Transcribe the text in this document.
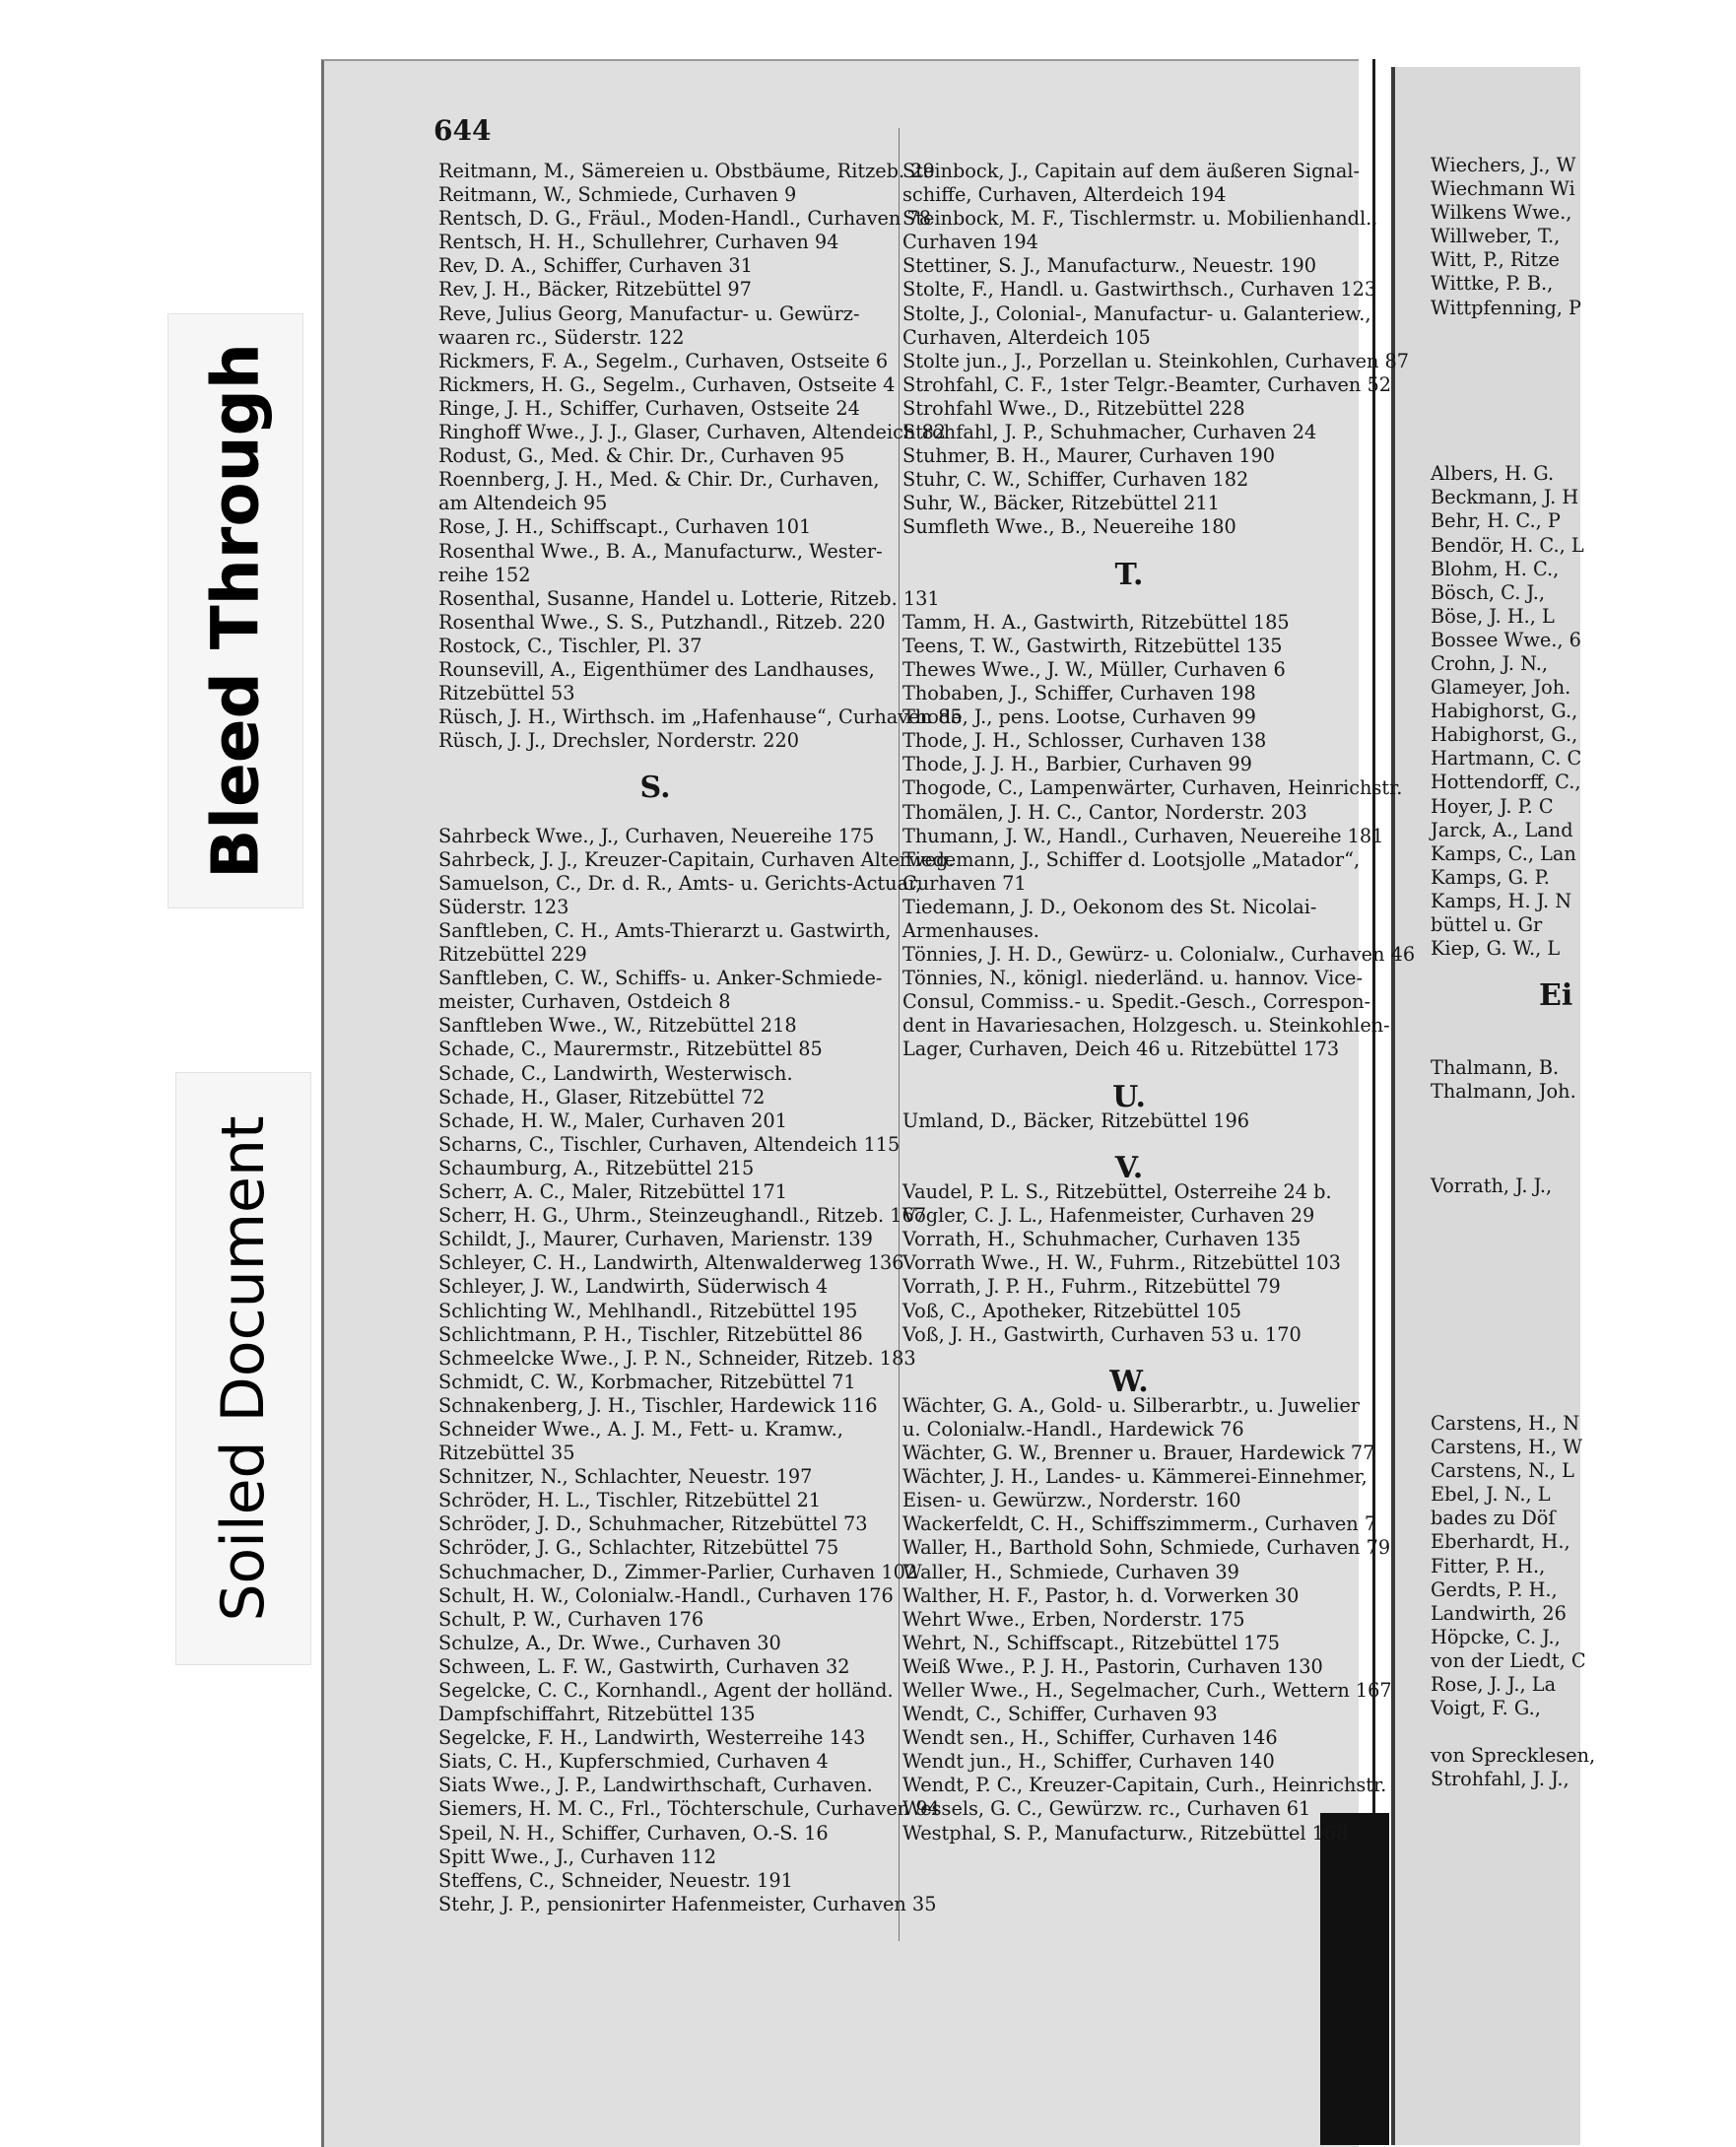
Bleed Through
Soiled Document
644
Reitmann, M., Sämereien u. Obstbäume, Ritzeb. 29
Reitmann, W., Schmiede, Curhaven 9
Rentsch, D. G., Fräul., Moden-Handl., Curhaven 78
Rentsch, H. H., Schullehrer, Curhaven 94
Rev, D. A., Schiffer, Curhaven 31
Rev, J. H., Bäcker, Ritzebüttel 97
Reve, Julius Georg, Manufactur- u. Gewürz-
waaren rc., Süderstr. 122
Rickmers, F. A., Segelm., Curhaven, Ostseite 6
Rickmers, H. G., Segelm., Curhaven, Ostseite 4
Ringe, J. H., Schiffer, Curhaven, Ostseite 24
Ringhoff Wwe., J. J., Glaser, Curhaven, Altendeich 82
Rodust, G., Med. & Chir. Dr., Curhaven 95
Roennberg, J. H., Med. & Chir. Dr., Curhaven,
am Altendeich 95
Rose, J. H., Schiffscapt., Curhaven 101
Rosenthal Wwe., B. A., Manufacturw., Wester-
reihe 152
Rosenthal, Susanne, Handel u. Lotterie, Ritzeb. 131
Rosenthal Wwe., S. S., Putzhandl., Ritzeb. 220
Rostock, C., Tischler, Pl. 37
Rounsevill, A., Eigenthümer des Landhauses,
Ritzebüttel 53
Rüsch, J. H., Wirthsch. im „Hafenhause“, Curhaven 85
Rüsch, J. J., Drechsler, Norderstr. 220
S.
Sahrbeck Wwe., J., Curhaven, Neuereihe 175
Sahrbeck, J. J., Kreuzer-Capitain, Curhaven Alterweg.
Samuelson, C., Dr. d. R., Amts- u. Gerichts-Actuar,
Süderstr. 123
Sanftleben, C. H., Amts-Thierarzt u. Gastwirth,
Ritzebüttel 229
Sanftleben, C. W., Schiffs- u. Anker-Schmiede-
meister, Curhaven, Ostdeich 8
Sanftleben Wwe., W., Ritzebüttel 218
Schade, C., Maurermstr., Ritzebüttel 85
Schade, C., Landwirth, Westerwisch.
Schade, H., Glaser, Ritzebüttel 72
Schade, H. W., Maler, Curhaven 201
Scharns, C., Tischler, Curhaven, Altendeich 115
Schaumburg, A., Ritzebüttel 215
Scherr, A. C., Maler, Ritzebüttel 171
Scherr, H. G., Uhrm., Steinzeughandl., Ritzeb. 167
Schildt, J., Maurer, Curhaven, Marienstr. 139
Schleyer, C. H., Landwirth, Altenwalderweg 136
Schleyer, J. W., Landwirth, Süderwisch 4
Schlichting W., Mehlhandl., Ritzebüttel 195
Schlichtmann, P. H., Tischler, Ritzebüttel 86
Schmeelcke Wwe., J. P. N., Schneider, Ritzeb. 183
Schmidt, C. W., Korbmacher, Ritzebüttel 71
Schnakenberg, J. H., Tischler, Hardewick 116
Schneider Wwe., A. J. M., Fett- u. Kramw.,
Ritzebüttel 35
Schnitzer, N., Schlachter, Neuestr. 197
Schröder, H. L., Tischler, Ritzebüttel 21
Schröder, J. D., Schuhmacher, Ritzebüttel 73
Schröder, J. G., Schlachter, Ritzebüttel 75
Schuchmacher, D., Zimmer-Parlier, Curhaven 102
Schult, H. W., Colonialw.-Handl., Curhaven 176
Schult, P. W., Curhaven 176
Schulze, A., Dr. Wwe., Curhaven 30
Schween, L. F. W., Gastwirth, Curhaven 32
Segelcke, C. C., Kornhandl., Agent der holländ.
Dampfschiffahrt, Ritzebüttel 135
Segelcke, F. H., Landwirth, Westerreihe 143
Siats, C. H., Kupferschmied, Curhaven 4
Siats Wwe., J. P., Landwirthschaft, Curhaven.
Siemers, H. M. C., Frl., Töchterschule, Curhaven 94
Speil, N. H., Schiffer, Curhaven, O.-S. 16
Spitt Wwe., J., Curhaven 112
Steffens, C., Schneider, Neuestr. 191
Stehr, J. P., pensionirter Hafenmeister, Curhaven 35
Steinbock, J., Capitain auf dem äußeren Signal-
schiffe, Curhaven, Alterdeich 194
Steinbock, M. F., Tischlermstr. u. Mobilienhandl.,
Curhaven 194
Stettiner, S. J., Manufacturw., Neuestr. 190
Stolte, F., Handl. u. Gastwirthsch., Curhaven 123
Stolte, J., Colonial-, Manufactur- u. Galanteriew.,
Curhaven, Alterdeich 105
Stolte jun., J., Porzellan u. Steinkohlen, Curhaven 87
Strohfahl, C. F., 1ster Telgr.-Beamter, Curhaven 52
Strohfahl Wwe., D., Ritzebüttel 228
Strohfahl, J. P., Schuhmacher, Curhaven 24
Stuhmer, B. H., Maurer, Curhaven 190
Stuhr, C. W., Schiffer, Curhaven 182
Suhr, W., Bäcker, Ritzebüttel 211
Sumfleth Wwe., B., Neuereihe 180
T.
Tamm, H. A., Gastwirth, Ritzebüttel 185
Teens, T. W., Gastwirth, Ritzebüttel 135
Thewes Wwe., J. W., Müller, Curhaven 6
Thobaben, J., Schiffer, Curhaven 198
Thode, J., pens. Lootse, Curhaven 99
Thode, J. H., Schlosser, Curhaven 138
Thode, J. J. H., Barbier, Curhaven 99
Thogode, C., Lampenwärter, Curhaven, Heinrichstr.
Thomälen, J. H. C., Cantor, Norderstr. 203
Thumann, J. W., Handl., Curhaven, Neuereihe 181
Tiedemann, J., Schiffer d. Lootsjolle „Matador“,
Curhaven 71
Tiedemann, J. D., Oekonom des St. Nicolai-
Armenhauses.
Tönnies, J. H. D., Gewürz- u. Colonialw., Curhaven 46
Tönnies, N., königl. niederländ. u. hannov. Vice-
Consul, Commiss.- u. Spedit.-Gesch., Correspon-
dent in Havariesachen, Holzgesch. u. Steinkohlen-
Lager, Curhaven, Deich 46 u. Ritzebüttel 173
U.
Umland, D., Bäcker, Ritzebüttel 196
V.
Vaudel, P. L. S., Ritzebüttel, Osterreihe 24 b.
Vogler, C. J. L., Hafenmeister, Curhaven 29
Vorrath, H., Schuhmacher, Curhaven 135
Vorrath Wwe., H. W., Fuhrm., Ritzebüttel 103
Vorrath, J. P. H., Fuhrm., Ritzebüttel 79
Voß, C., Apotheker, Ritzebüttel 105
Voß, J. H., Gastwirth, Curhaven 53 u. 170
W.
Wächter, G. A., Gold- u. Silberarbtr., u. Juwelier
u. Colonialw.-Handl., Hardewick 76
Wächter, G. W., Brenner u. Brauer, Hardewick 77
Wächter, J. H., Landes- u. Kämmerei-Einnehmer,
Eisen- u. Gewürzw., Norderstr. 160
Wackerfeldt, C. H., Schiffszimmerm., Curhaven 7
Waller, H., Barthold Sohn, Schmiede, Curhaven 79
Waller, H., Schmiede, Curhaven 39
Walther, H. F., Pastor, h. d. Vorwerken 30
Wehrt Wwe., Erben, Norderstr. 175
Wehrt, N., Schiffscapt., Ritzebüttel 175
Weiß Wwe., P. J. H., Pastorin, Curhaven 130
Weller Wwe., H., Segelmacher, Curh., Wettern 167
Wendt, C., Schiffer, Curhaven 93
Wendt sen., H., Schiffer, Curhaven 146
Wendt jun., H., Schiffer, Curhaven 140
Wendt, P. C., Kreuzer-Capitain, Curh., Heinrichstr.
Wessels, G. C., Gewürzw. rc., Curhaven 61
Westphal, S. P., Manufacturw., Ritzebüttel 168
Wiechers, J., W
Wiechmann Wi
Wilkens Wwe.,
Willweber, T.,
Witt, P., Ritze
Wittke, P. B.,
Wittpfenning, P
Albers, H. G.
Beckmann, J. H
Behr, H. C., P
Bendör, H. C., L
Blohm, H. C.,
Bösch, C. J.,
Böse, J. H., L
Bossee Wwe., 6
Crohn, J. N.,
Glameyer, Joh.
Habighorst, G.,
Habighorst, G.,
Hartmann, C. C
Hottendorff, C.,
Hoyer, J. P. C
Jarck, A., Land
Kamps, C., Lan
Kamps, G. P.
Kamps, H. J. N
büttel u. Gr
Kiep, G. W., L
Ei
Thalmann, B.
Thalmann, Joh.
Vorrath, J. J.,
Carstens, H., N
Carstens, H., W
Carstens, N., L
Ebel, J. N., L
bades zu Döſ
Eberhardt, H.,
Fitter, P. H.,
Gerdts, P. H.,
Landwirth, 26
Höpcke, C. J.,
von der Liedt, C
Rose, J. J., La
Voigt, F. G.,
von Sprecklesen,
Strohfahl, J. J.,
